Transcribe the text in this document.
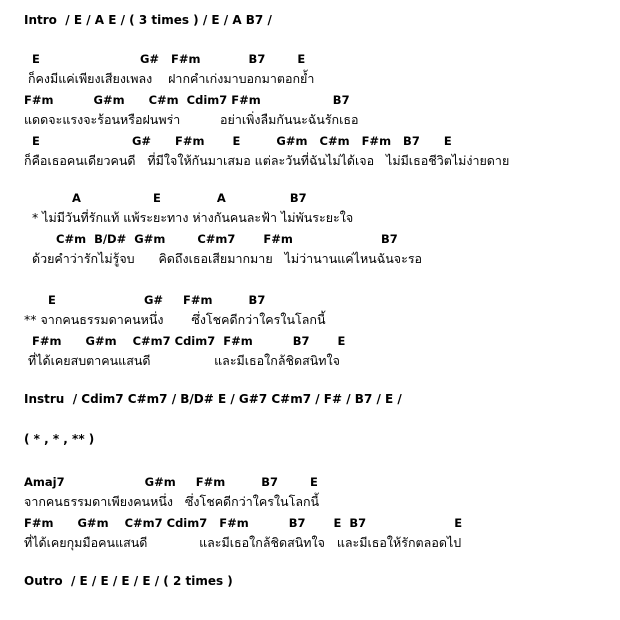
Intro  / E / A E / ( 3 times ) / E / A B7 /
E                         G#   F#m            B7        E
ก็คงมีแค่เพียงเสียงเพลง    ฝากคำเก่งมาบอกมาตอกย้ำ
F#m          G#m      C#m  Cdim7 F#m                  B7
แดดจะแรงจะร้อนหรือฝนพร่า          อย่าเพิ่งลืมกันนะฉันรักเธอ
E                       G#      F#m       E         G#m   C#m   F#m   B7      E
ก็คือเธอคนเดียวคนดี   ที่มีใจให้กันมาเสมอ แต่ละวันที่ฉันไม่ได้เจอ   ไม่มีเธอชีวิตไม่ง่ายดาย
A                  E              A                B7
* ไม่มีวันที่รักแท้ แพ้ระยะทาง ห่างกันคนละฟ้า ไม่พันระยะใจ
C#m  B/D#  G#m        C#m7       F#m                      B7
ด้วยคำว่ารักไม่รู้จบ      คิดถึงเธอเสียมากมาย   ไม่ว่านานแค่ไหนฉันจะรอ
E                      G#     F#m         B7
** จากคนธรรมดาคนหนึ่ง       ซึ่งโชคดีกว่าใครในโลกนี้
F#m      G#m    C#m7 Cdim7  F#m          B7       E
ที่ได้เคยสบตาคนแสนดี                และมีเธอใกล้ชิดสนิทใจ
Instru  / Cdim7 C#m7 / B/D# E / G#7 C#m7 / F# / B7 / E /
( * , * , ** )
Amaj7                    G#m     F#m         B7        E
จากคนธรรมดาเพียงคนหนึ่ง   ซึ่งโชคดีกว่าใครในโลกนี้
F#m      G#m    C#m7 Cdim7   F#m          B7       E  B7                      E
ที่ได้เคยกุมมือคนแสนดี             และมีเธอใกล้ชิดสนิทใจ   และมีเธอให้รักตลอดไป
Outro  / E / E / E / E / ( 2 times )
